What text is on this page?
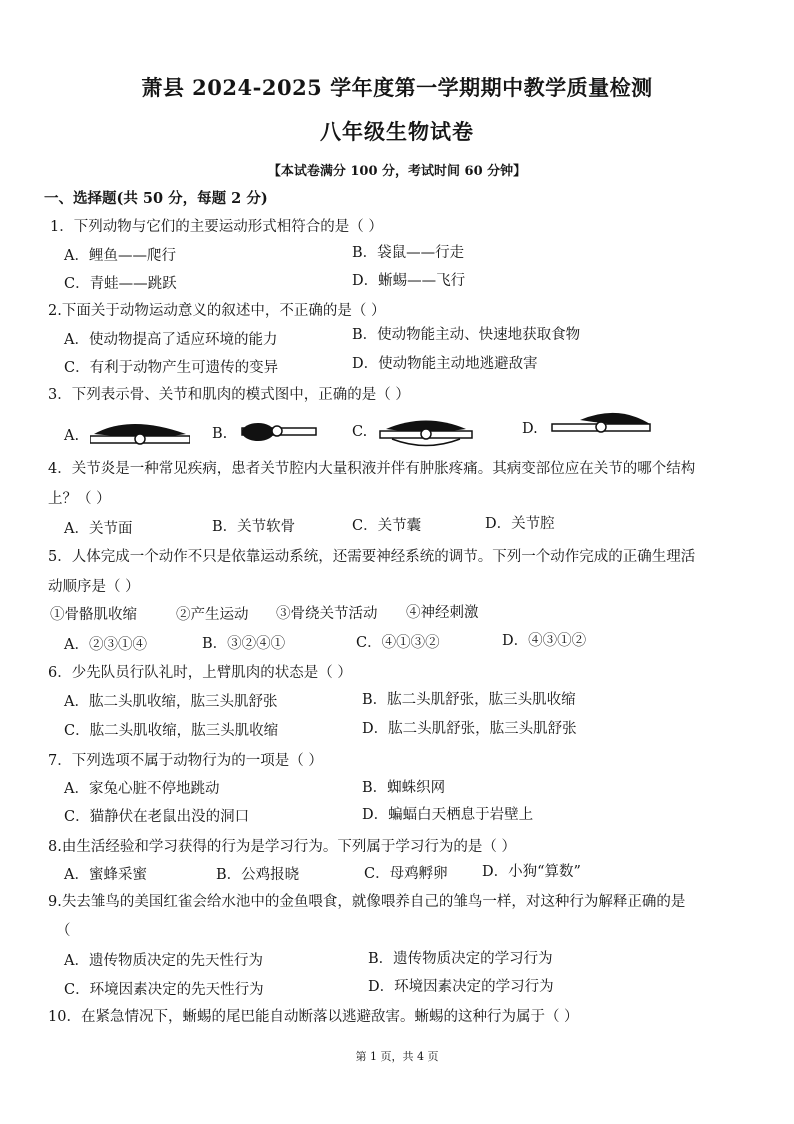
萧县 2024-2025 学年度第一学期期中教学质量检测
八年级生物试卷
【本试卷满分 100 分，考试时间 60 分钟】
一、选择题(共 50 分，每题 2 分)
1．下列动物与它们的主要运动形式相符合的是（ ）
A．鲤鱼——爬行	B．袋鼠——行走
C．青蛙——跳跃	D．蜥蜴——飞行
2.下面关于动物运动意义的叙述中，不正确的是（ ）
A．使动物提高了适应环境的能力	B．使动物能主动、快速地获取食物
C．有利于动物产生可遗传的变异	D．使动物能主动地逃避敌害
3．下列表示骨、关节和肌肉的模式图中，正确的是（ ）
A.	B.	C.	D.
4．关节炎是一种常见疾病，患者关节腔内大量积液并伴有肿胀疼痛。其病变部位应在关节的哪个结构
上？（ ）
A．关节面	B．关节软骨	C．关节囊	D．关节腔
5．人体完成一个动作不只是依靠运动系统，还需要神经系统的调节。下列一个动作完成的正确生理活
动顺序是（ ）
①骨骼肌收缩	②产生运动 ③骨绕关节活动 ④神经刺激
A．②③①④	B．③②④①	C．④①③②	D．④③①②
6．少先队员行队礼时，上臂肌肉的状态是（ ）
A．肱二头肌收缩，肱三头肌舒张	B．肱二头肌舒张，肱三头肌收缩
C．肱二头肌收缩，肱三头肌收缩	D．肱二头肌舒张，肱三头肌舒张
7．下列选项不属于动物行为的一项是（ ）
A．家兔心脏不停地跳动	B．蜘蛛织网
C．猫静伏在老鼠出没的洞口	D．蝙蝠白天栖息于岩壁上
8.由生活经验和学习获得的行为是学习行为。下列属于学习行为的是（ ）
A．蜜蜂采蜜	B．公鸡报晓	C．母鸡孵卵 D．小狗“算数”
9.失去雏鸟的美国红雀会给水池中的金鱼喂食，就像喂养自己的雏鸟一样，对这种行为解释正确的是
（
A．遗传物质决定的先天性行为	B．遗传物质决定的学习行为
C．环境因素决定的先天性行为	D．环境因素决定的学习行为
10．在紧急情况下，蜥蜴的尾巴能自动断落以逃避敌害。蜥蜴的这种行为属于（ ）
第 1 页，共 4 页
